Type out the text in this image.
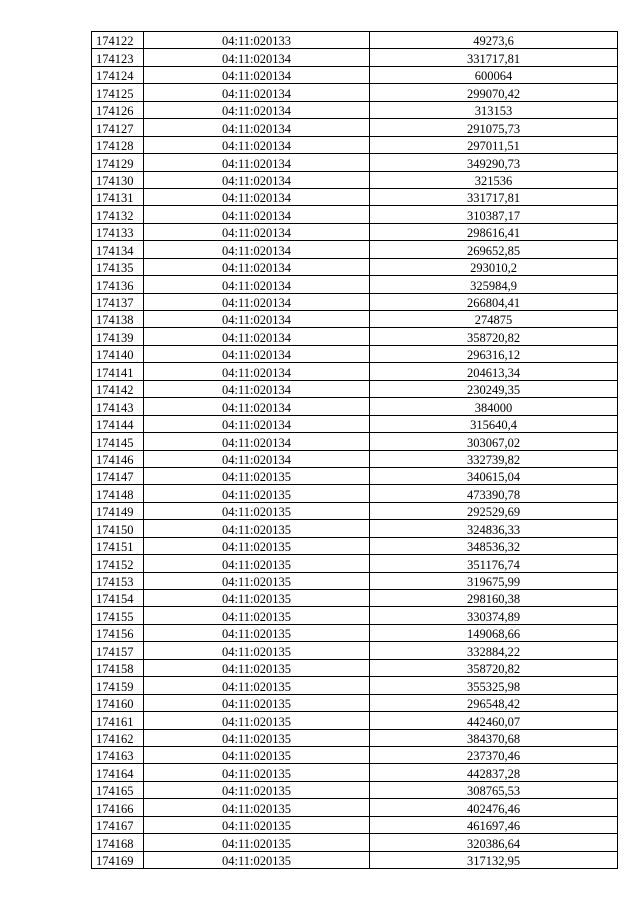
174122	04:11:020133	49273,6
174123	04:11:020134	331717,81
174124	04:11:020134	600064
174125	04:11:020134	299070,42
174126	04:11:020134	313153
174127	04:11:020134	291075,73
174128	04:11:020134	297011,51
174129	04:11:020134	349290,73
174130	04:11:020134	321536
174131	04:11:020134	331717,81
174132	04:11:020134	310387,17
174133	04:11:020134	298616,41
174134	04:11:020134	269652,85
174135	04:11:020134	293010,2
174136	04:11:020134	325984,9
174137	04:11:020134	266804,41
174138	04:11:020134	274875
174139	04:11:020134	358720,82
174140	04:11:020134	296316,12
174141	04:11:020134	204613,34
174142	04:11:020134	230249,35
174143	04:11:020134	384000
174144	04:11:020134	315640,4
174145	04:11:020134	303067,02
174146	04:11:020134	332739,82
174147	04:11:020135	340615,04
174148	04:11:020135	473390,78
174149	04:11:020135	292529,69
174150	04:11:020135	324836,33
174151	04:11:020135	348536,32
174152	04:11:020135	351176,74
174153	04:11:020135	319675,99
174154	04:11:020135	298160,38
174155	04:11:020135	330374,89
174156	04:11:020135	149068,66
174157	04:11:020135	332884,22
174158	04:11:020135	358720,82
174159	04:11:020135	355325,98
174160	04:11:020135	296548,42
174161	04:11:020135	442460,07
174162	04:11:020135	384370,68
174163	04:11:020135	237370,46
174164	04:11:020135	442837,28
174165	04:11:020135	308765,53
174166	04:11:020135	402476,46
174167	04:11:020135	461697,46
174168	04:11:020135	320386,64
174169	04:11:020135	317132,95
